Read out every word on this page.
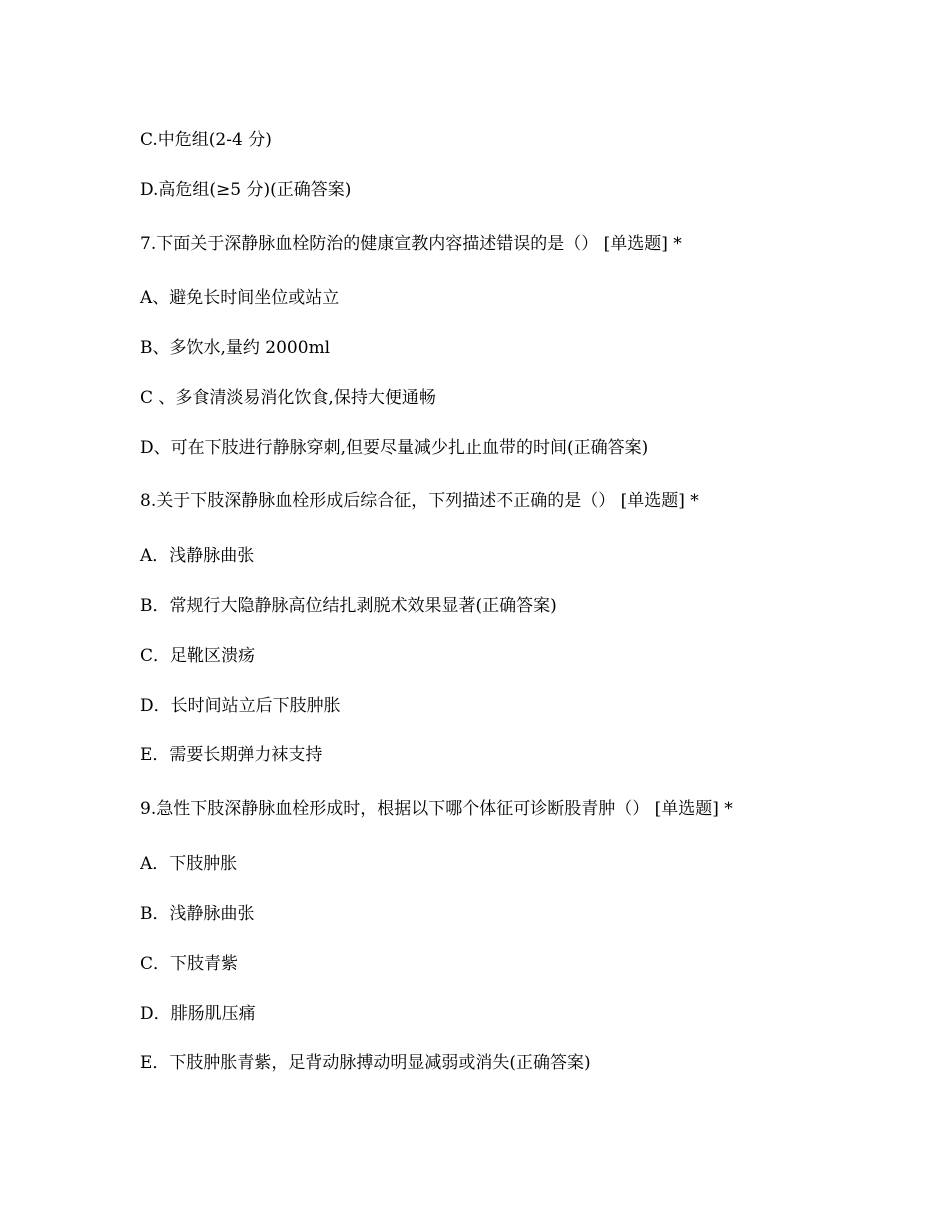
C.中危组(2-4 分)
D.高危组(≥5 分)(正确答案)
7.下面关于深静脉血栓防治的健康宣教内容描述错误的是（） [单选题] *
A、避免长时间坐位或站立
B、多饮水,量约 2000ml
C 、多食清淡易消化饮食,保持大便通畅
D、可在下肢进行静脉穿刺,但要尽量减少扎止血带的时间(正确答案)
8.关于下肢深静脉血栓形成后综合征，下列描述不正确的是（） [单选题] *
A．浅静脉曲张
B．常规行大隐静脉高位结扎剥脱术效果显著(正确答案)
C．足靴区溃疡
D．长时间站立后下肢肿胀
E．需要长期弹力袜支持
9.急性下肢深静脉血栓形成时，根据以下哪个体征可诊断股青肿（） [单选题] *
A．下肢肿胀
B．浅静脉曲张
C．下肢青紫
D．腓肠肌压痛
E．下肢肿胀青紫，足背动脉搏动明显减弱或消失(正确答案)
